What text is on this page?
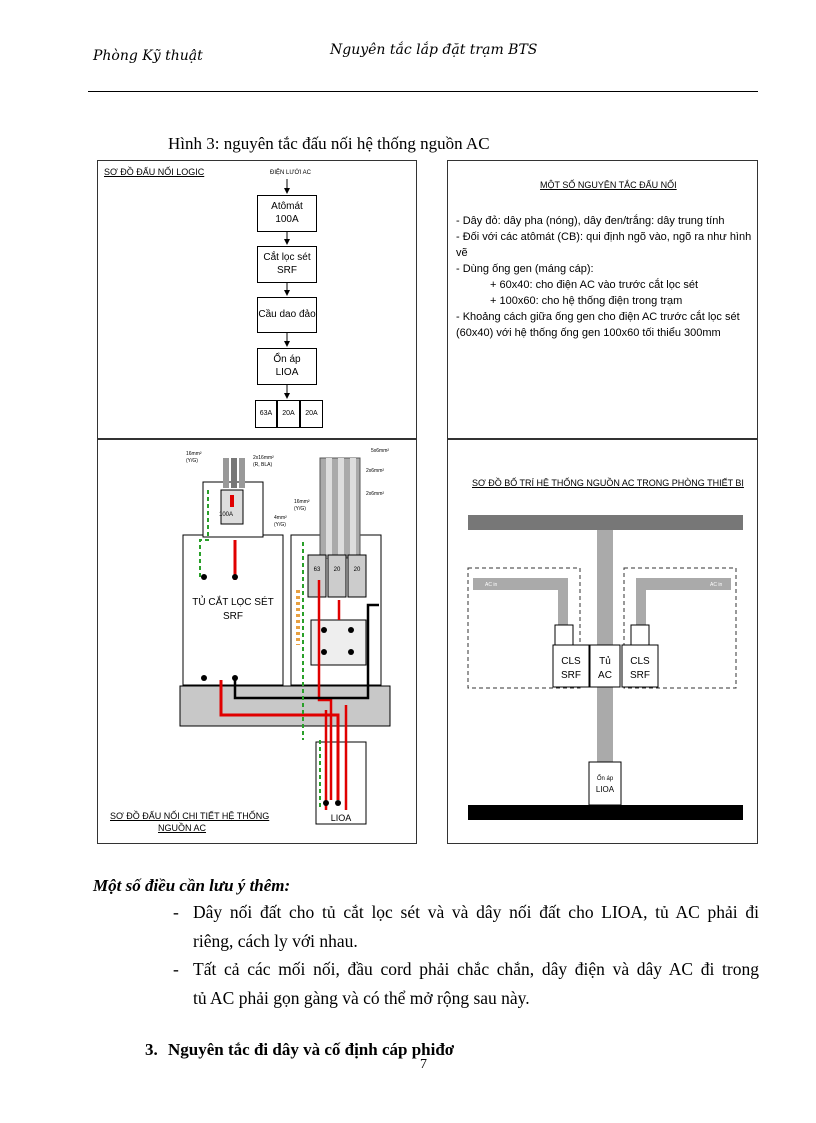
Phòng Kỹ thuật	Nguyên tắc lắp đặt trạm BTS
Hình 3: nguyên tắc đấu nối hệ thống nguồn AC
SƠ ĐỒ ĐẤU NỐI LOGIC	ĐIỆN LƯỚI AC
Atômát
100A
Cắt lọc sét
SRF
Cầu dao đảo
Ổn áp
LIOA
63A	20A	20A
MỘT SỐ NGUYÊN TẮC ĐẤU NỐI
- Dây đỏ: dây pha (nóng), dây đen/trắng: dây trung tính
- Đối với các atômát (CB): qui định ngõ vào, ngõ ra như hình vẽ
- Dùng ống gen (máng cáp):
+ 60x40: cho điện AC vào trước cắt lọc sét
+ 100x60: cho hệ thống điện trong trạm
- Khoảng cách giữa ống gen cho điện AC trước cắt lọc sét
(60x40) với hệ thống ống gen 100x60 tối thiểu 300mm
100A
TỦ CẮT LỌC SÉT
SRF
63 20 20
LIOA
16mm²
(Y/G)	2x16mm²
(R, BLA)
5x6mm²
2x6mm²
2x6mm²
16mm²
(Y/G)
4mm²
(Y/G)
SƠ ĐỒ ĐẤU NỐI CHI TIẾT HỆ THỐNG
NGUỒN AC
SƠ ĐỒ BỐ TRÍ HỆ THỐNG NGUỒN AC TRONG PHÒNG THIẾT BỊ
CLS
SRF
Tủ
AC
CLS
SRF
Ổn áp
LIOA
AC in	AC in
Một số điều cần lưu ý thêm:
- Dây nối đất cho tủ cắt lọc sét và và dây nối đất cho LIOA, tủ AC phải đi
riêng, cách ly với nhau.
- Tất cả các mối nối, đầu cord phải chắc chắn, dây điện và dây AC đi trong
tủ AC phải gọn gàng và có thể mở rộng sau này.
3. Nguyên tắc đi dây và cố định cáp phiđơ
7
